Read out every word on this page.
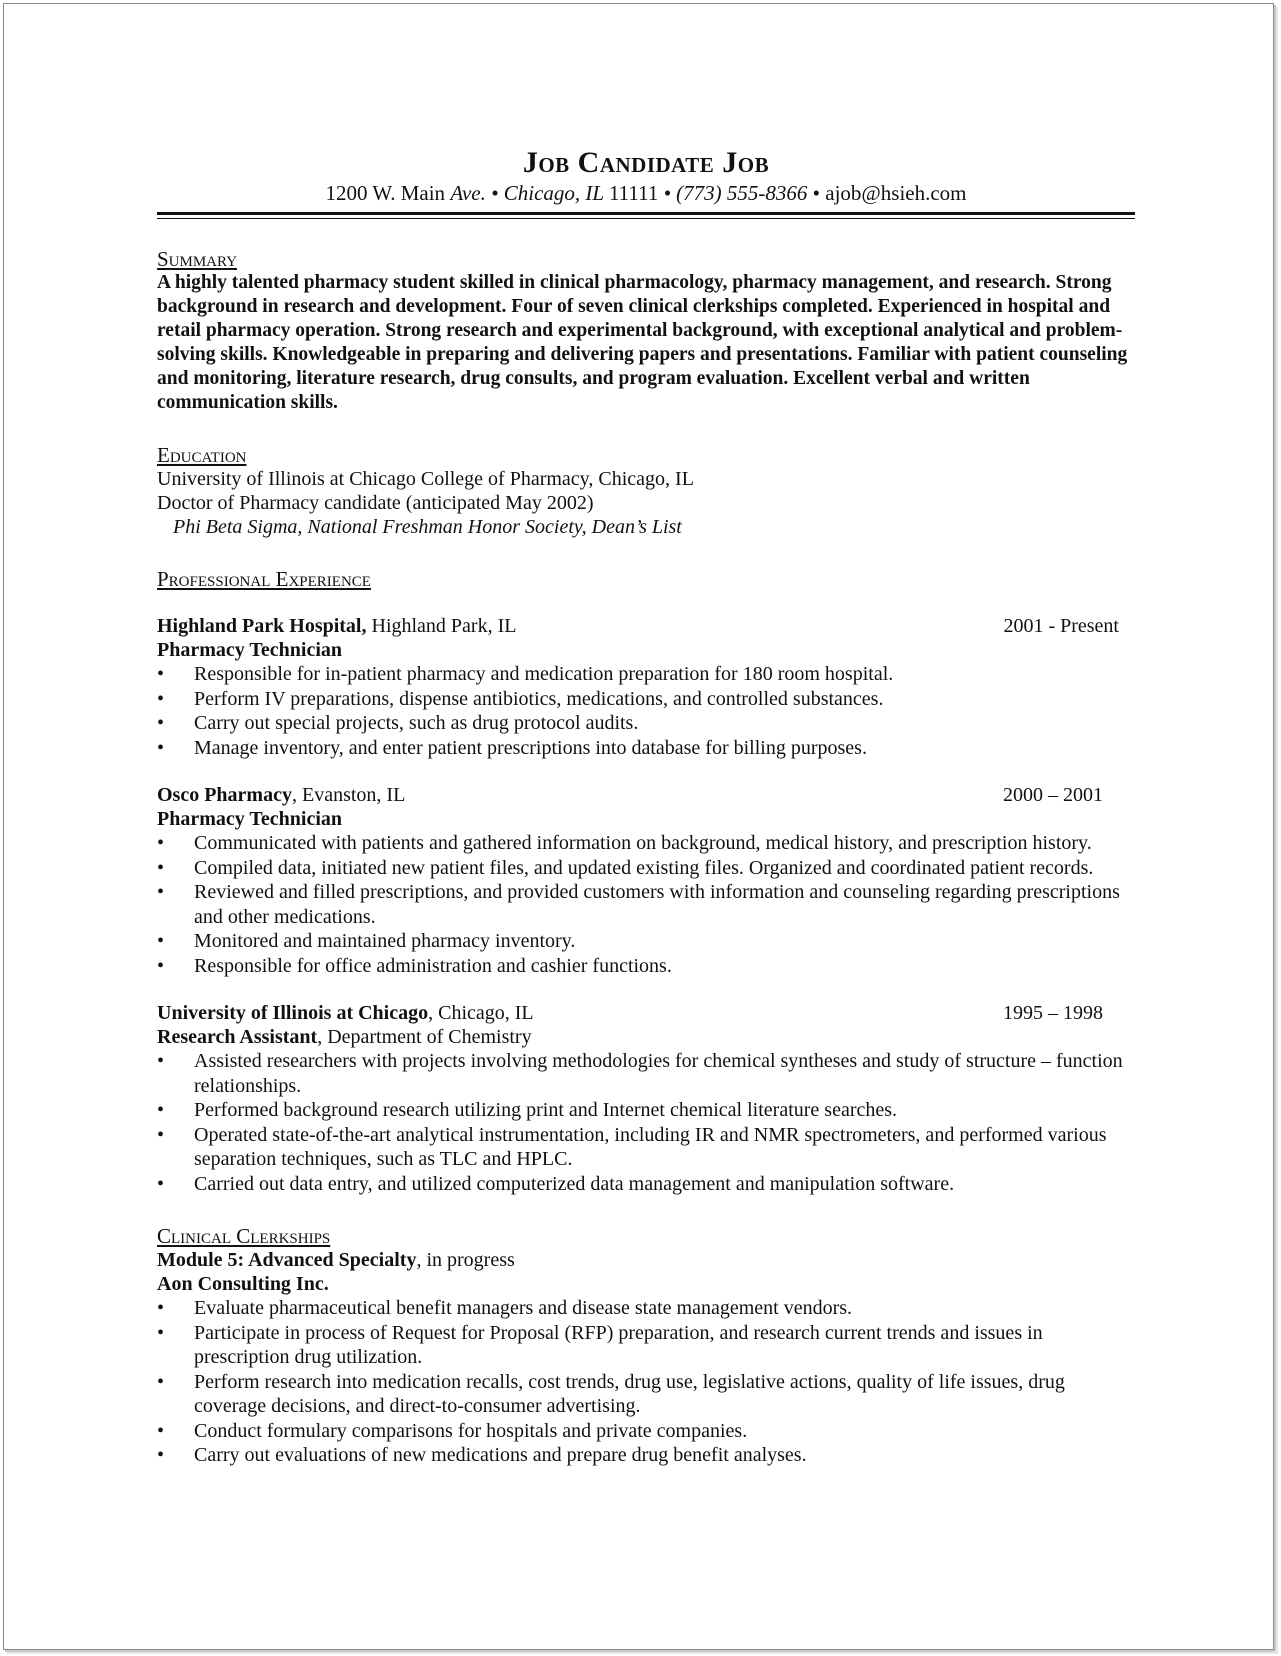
Job Candidate Job
1200 W. Main Ave. • Chicago, IL 11111 • (773) 555-8366 • ajob@hsieh.com
Summary
A highly talented pharmacy student skilled in clinical pharmacology, pharmacy management, and research. Strong background in research and development. Four of seven clinical clerkships completed. Experienced in hospital and retail pharmacy operation. Strong research and experimental background, with exceptional analytical and problem-solving skills. Knowledgeable in preparing and delivering papers and presentations. Familiar with patient counseling and monitoring, literature research, drug consults, and program evaluation. Excellent verbal and written communication skills.
Education
University of Illinois at Chicago College of Pharmacy, Chicago, IL
Doctor of Pharmacy candidate (anticipated May 2002)
Phi Beta Sigma, National Freshman Honor Society, Dean’s List
Professional Experience
Highland Park Hospital, Highland Park, IL	2001 - Present
Pharmacy Technician
• Responsible for in-patient pharmacy and medication preparation for 180 room hospital.
• Perform IV preparations, dispense antibiotics, medications, and controlled substances.
• Carry out special projects, such as drug protocol audits.
• Manage inventory, and enter patient prescriptions into database for billing purposes.
Osco Pharmacy, Evanston, IL	2000 – 2001
Pharmacy Technician
• Communicated with patients and gathered information on background, medical history, and prescription history.
• Compiled data, initiated new patient files, and updated existing files. Organized and coordinated patient records.
• Reviewed and filled prescriptions, and provided customers with information and counseling regarding prescriptions and other medications.
• Monitored and maintained pharmacy inventory.
• Responsible for office administration and cashier functions.
University of Illinois at Chicago, Chicago, IL	1995 – 1998
Research Assistant, Department of Chemistry
• Assisted researchers with projects involving methodologies for chemical syntheses and study of structure – function relationships.
• Performed background research utilizing print and Internet chemical literature searches.
• Operated state-of-the-art analytical instrumentation, including IR and NMR spectrometers, and performed various separation techniques, such as TLC and HPLC.
• Carried out data entry, and utilized computerized data management and manipulation software.
Clinical Clerkships
Module 5: Advanced Specialty, in progress
Aon Consulting Inc.
• Evaluate pharmaceutical benefit managers and disease state management vendors.
• Participate in process of Request for Proposal (RFP) preparation, and research current trends and issues in prescription drug utilization.
• Perform research into medication recalls, cost trends, drug use, legislative actions, quality of life issues, drug coverage decisions, and direct-to-consumer advertising.
• Conduct formulary comparisons for hospitals and private companies.
• Carry out evaluations of new medications and prepare drug benefit analyses.
